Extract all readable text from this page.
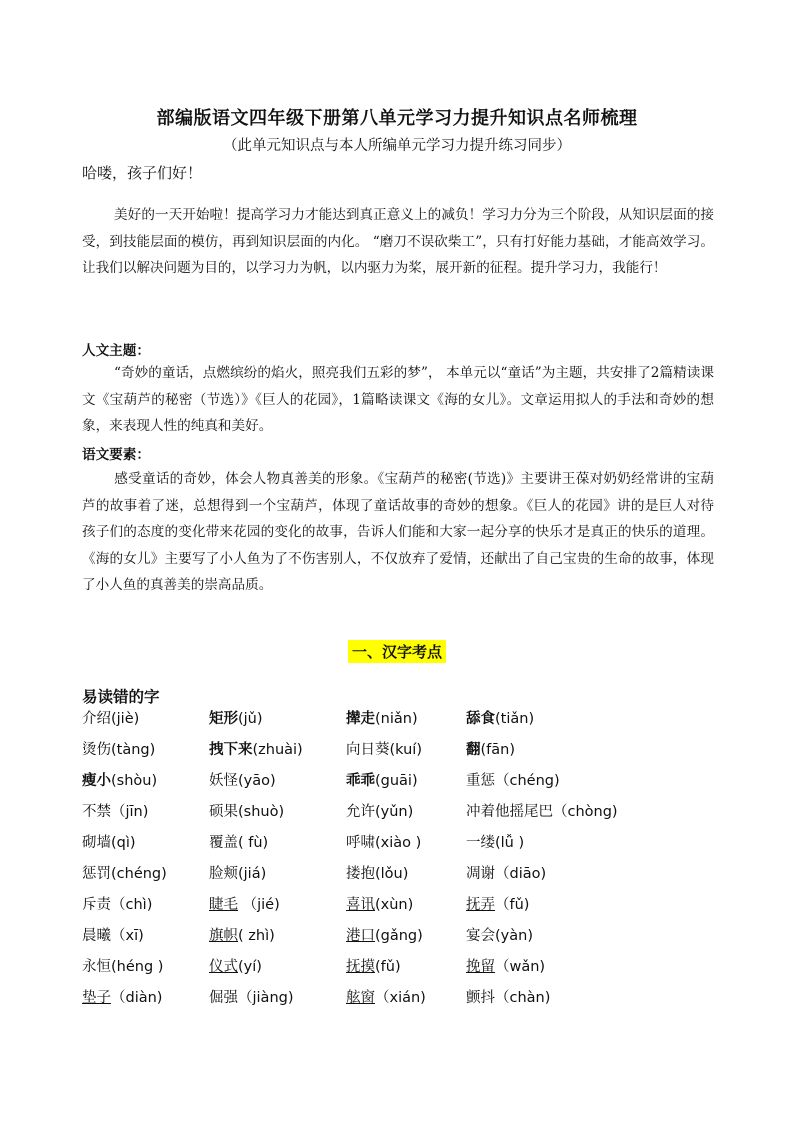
部编版语文四年级下册第八单元学习力提升知识点名师梳理
（此单元知识点与本人所编单元学习力提升练习同步）
哈喽，孩子们好！
美好的一天开始啦！提高学习力才能达到真正意义上的减负！学习力分为三个阶段，从知识层面的接受，到技能层面的模仿，再到知识层面的内化。 “磨刀不误砍柴工”，只有打好能力基础，才能高效学习。让我们以解决问题为目的，以学习力为帆，以内驱力为桨，展开新的征程。提升学习力，我能行！
人文主题：
“奇妙的童话，点燃缤纷的焰火，照亮我们五彩的梦”， 本单元以“童话”为主题，共安排了2篇精读课文《宝葫芦的秘密（节选）》《巨人的花园》，1篇略读课文《海的女儿》。文章运用拟人的手法和奇妙的想象，来表现人性的纯真和美好。
语文要素：
感受童话的奇妙，体会人物真善美的形象。《宝葫芦的秘密(节选)》主要讲王葆对奶奶经常讲的宝葫芦的故事着了迷，总想得到一个宝葫芦，体现了童话故事的奇妙的想象。《巨人的花园》讲的是巨人对待孩子们的态度的变化带来花园的变化的故事，告诉人们能和大家一起分享的快乐才是真正的快乐的道理。《海的女儿》主要写了小人鱼为了不伤害别人，不仅放弃了爱情，还献出了自己宝贵的生命的故事，体现了小人鱼的真善美的崇高品质。
一、汉字考点
易读错的字
介绍(jiè)	矩形(jǔ)	撵走(niǎn)	舔食(tiǎn)
烫伤(tàng)	拽下来(zhuài)	向日葵(kuí)	翻(fān)
瘦小(shòu)	妖怪(yāo)	乖乖(guāi)	重惩（chéng)
不禁（jīn)	硕果(shuò)	允许(yǔn)	冲着他摇尾巴（chòng)
砌墙(qì)	覆盖( fù)	呼啸(xiào )	一缕(lǚ )
惩罚(chéng)	脸颊(jiá)	搂抱(lǒu)	凋谢（diāo)
斥责（chì)	睫毛 （jié)	喜讯(xùn)	抚弄（fǔ)
晨曦（xī)	旗帜( zhì)	港口(gǎng)	宴会(yàn)
永恒(héng )	仪式(yí)	抚摸(fǔ)	挽留（wǎn)
垫子（diàn)	倔强（jiàng)	舷窗（xián)	颤抖（chàn)
